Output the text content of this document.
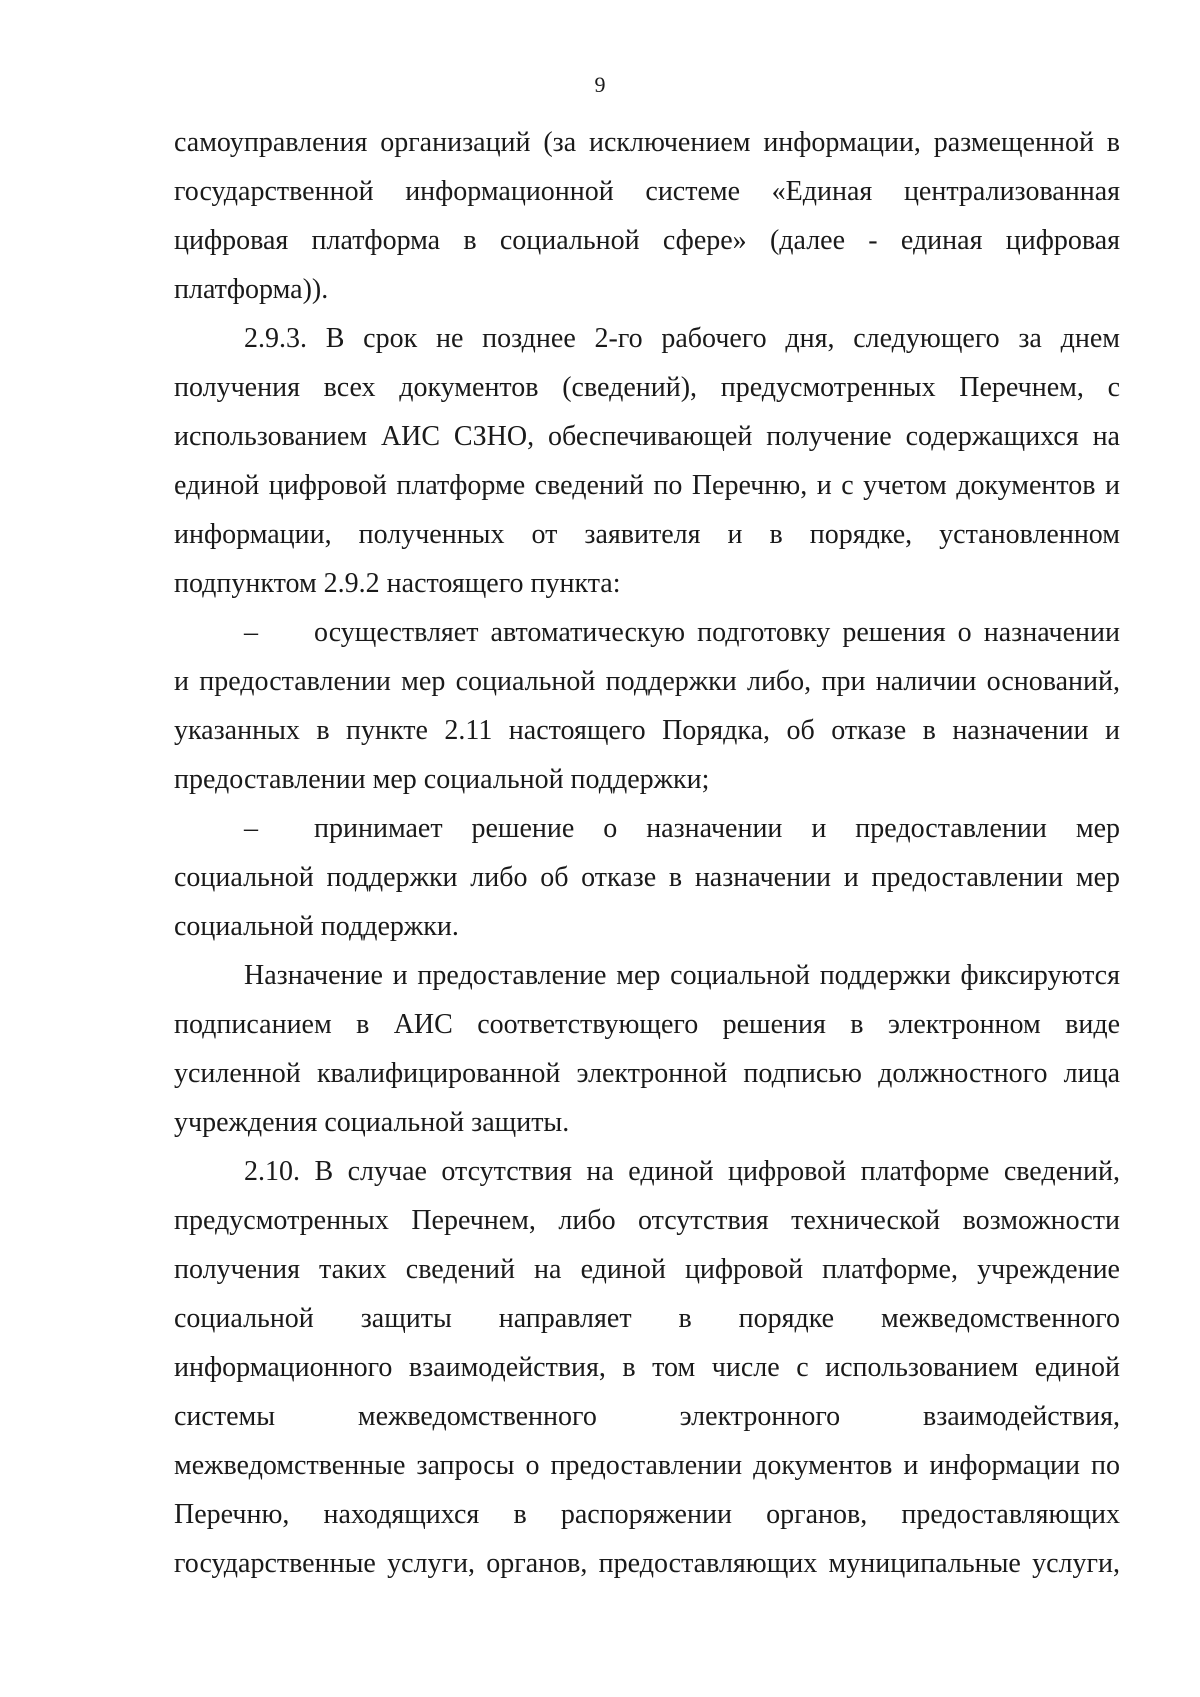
9
самоуправления организаций (за исключением информации, размещенной в
государственной информационной системе «Единая централизованная
цифровая платформа в социальной сфере» (далее - единая цифровая
платформа)).
2.9.3. В срок не позднее 2-го рабочего дня, следующего за днем
получения всех документов (сведений), предусмотренных Перечнем, с
использованием АИС СЗНО, обеспечивающей получение содержащихся на
единой цифровой платформе сведений по Перечню, и с учетом документов и
информации, полученных от заявителя и в порядке, установленном
подпунктом 2.9.2 настоящего пункта:
–	осуществляет автоматическую подготовку решения о назначении
и предоставлении мер социальной поддержки либо, при наличии оснований,
указанных в пункте 2.11 настоящего Порядка, об отказе в назначении и
предоставлении мер социальной поддержки;
–	принимает решение о назначении и предоставлении мер
социальной поддержки либо об отказе в назначении и предоставлении мер
социальной поддержки.
Назначение и предоставление мер социальной поддержки фиксируются
подписанием в АИС соответствующего решения в электронном виде
усиленной квалифицированной электронной подписью должностного лица
учреждения социальной защиты.
2.10. В случае отсутствия на единой цифровой платформе сведений,
предусмотренных Перечнем, либо отсутствия технической возможности
получения таких сведений на единой цифровой платформе, учреждение
социальной защиты направляет в порядке межведомственного
информационного взаимодействия, в том числе с использованием единой
системы межведомственного электронного взаимодействия,
межведомственные запросы о предоставлении документов и информации по
Перечню, находящихся в распоряжении органов, предоставляющих
государственные услуги, органов, предоставляющих муниципальные услуги,
